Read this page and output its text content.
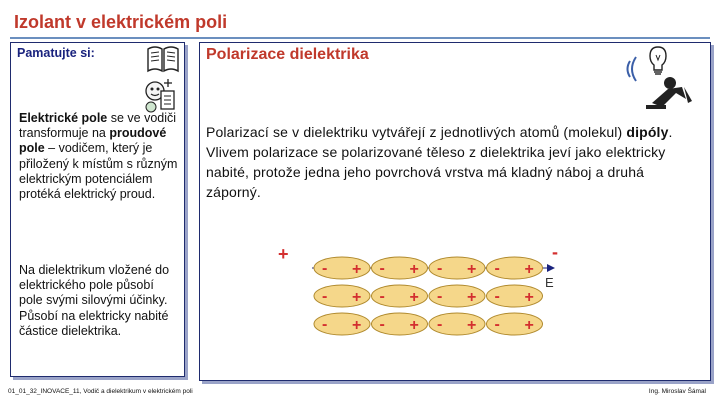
Izolant v elektrickém poli
Pamatujte si:
Elektrické pole se ve vodiči transformuje na proudové pole – vodičem, který je přiložený k místům s různým elektrickým potenciálem protéká elektrický proud.
Na dielektrikum vložené do elektrického pole působí pole svými silovými účinky. Působí na elektricky nabité částice dielektrika.
Polarizace dielektrika
Polarizací se v dielektriku vytvářejí z jednotlivých atomů (molekul) dipóly. Vlivem polarizace se polarizované těleso z dielektrika jeví jako elektricky nabité, protože jedna jeho povrchová vrstva má kladný náboj a druhá záporný.
+	-
E
- + - + - + - +
- + - + - + - +
- + - + - + - +
01_01_32_INOVACE_11, Vodič a dielektrikum v elektrickém poli	Ing. Miroslav Šámal
